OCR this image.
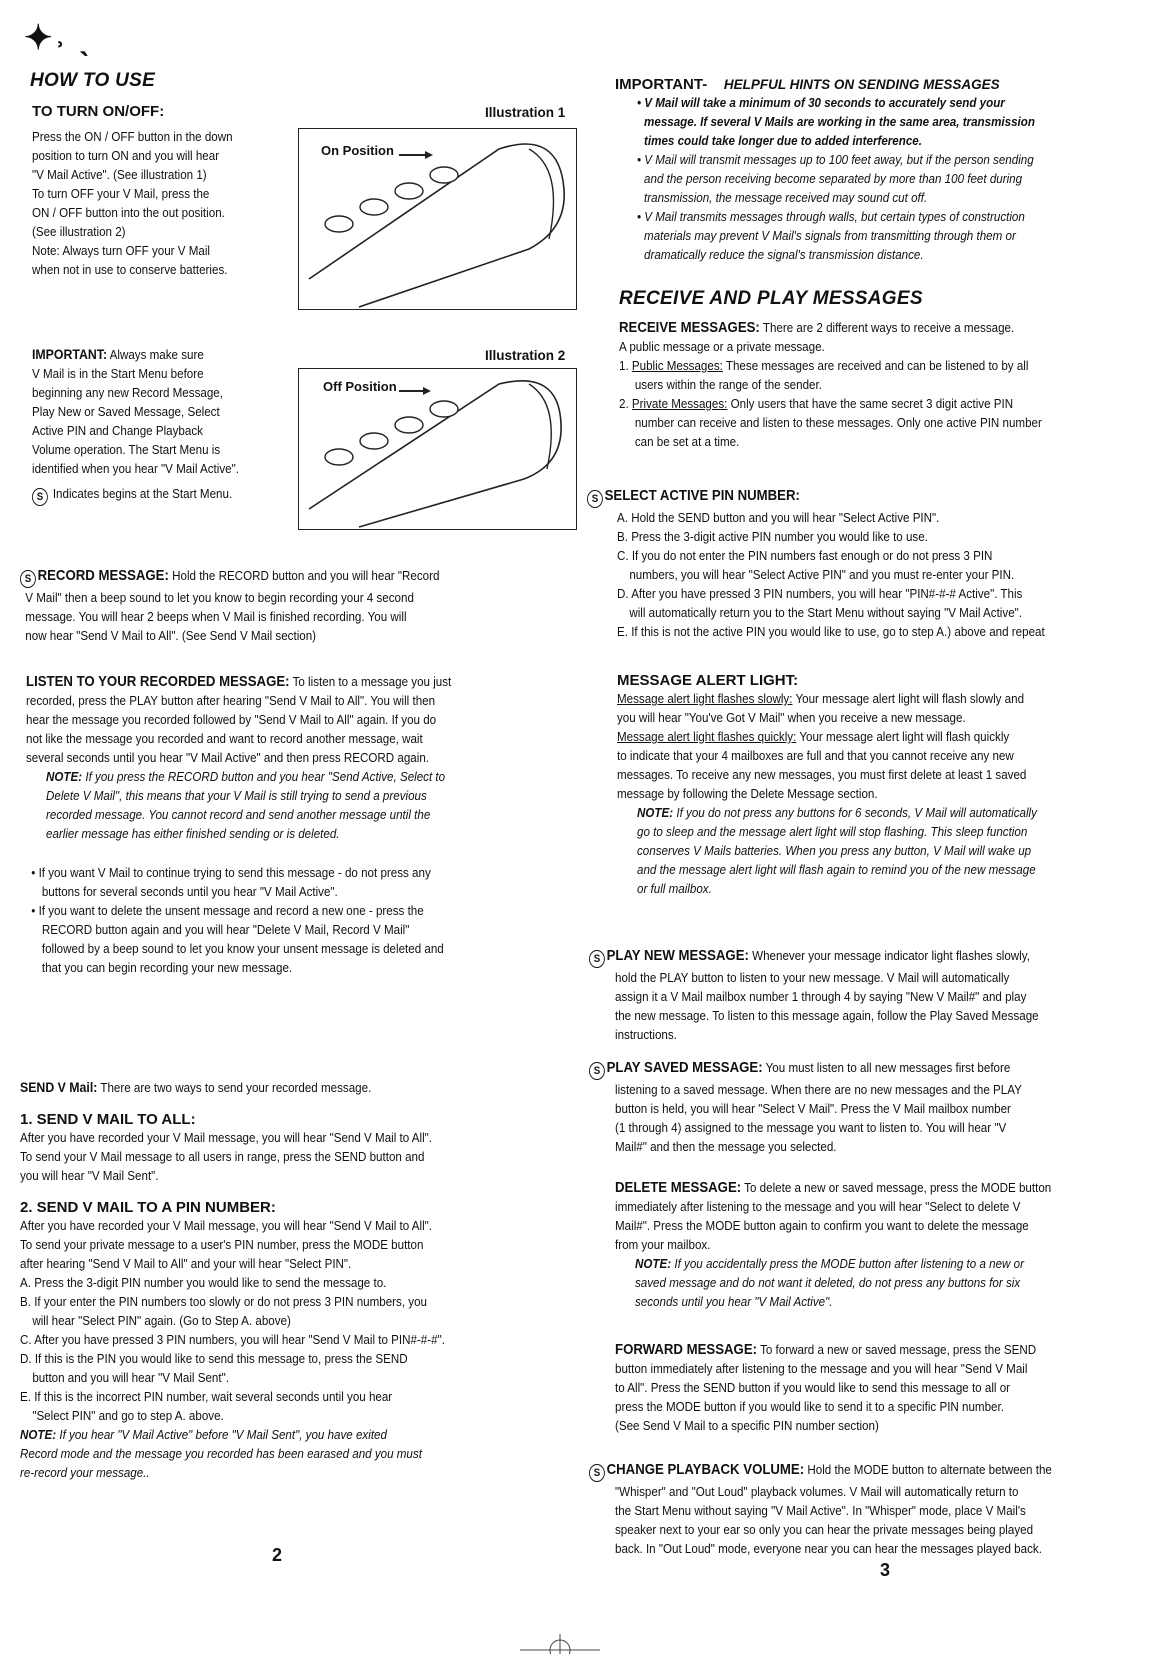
✦˒ ˎ
HOW TO USE
TO TURN ON/OFF:	Illustration 1

Press the ON / OFF button in the down

position to turn ON and you will hear

"V Mail Active". (See illustration 1)

To turn OFF your V Mail, press the

ON / OFF button into the out position.

(See illustration 2)

Note: Always turn OFF your V Mail

when not in use to conserve batteries.

On Position

IMPORTANT: Always make sure

V Mail is in the Start Menu before

beginning any new Record Message,

Play New or Saved Message, Select

Active PIN and Change Playback

Volume operation. The Start Menu is

identified when you hear "V Mail Active".

S Indicates begins at the Start Menu.

Illustration 2
Off Position

S RECORD MESSAGE: Hold the RECORD button and you will hear "Record

V Mail" then a beep sound to let you know to begin recording your 4 second

message. You will hear 2 beeps when V Mail is finished recording. You will

now hear "Send V Mail to All". (See Send V Mail section)

LISTEN TO YOUR RECORDED MESSAGE: To listen to a message you just

recorded, press the PLAY button after hearing "Send V Mail to All". You will then

hear the message you recorded followed by "Send V Mail to All" again. If you do

not like the message you recorded and want to record another message, wait

several seconds until you hear "V Mail Active" and then press RECORD again.

NOTE: If you press the RECORD button and you hear "Send Active, Select to

Delete V Mail", this means that your V Mail is still trying to send a previous

recorded message. You cannot record and send another message until the

earlier message has either finished sending or is deleted.

• If you want V Mail to continue trying to send this message - do not press any

buttons for several seconds until you hear "V Mail Active".

• If you want to delete the unsent message and record a new one - press the

RECORD button again and you will hear "Delete V Mail, Record V Mail"

followed by a beep sound to let you know your unsent message is deleted and

that you can begin recording your new message.

SEND V Mail: There are two ways to send your recorded message.

1. SEND V MAIL TO ALL:

After you have recorded your V Mail message, you will hear "Send V Mail to All".

To send your V Mail message to all users in range, press the SEND button and

you will hear "V Mail Sent".

2. SEND V MAIL TO A PIN NUMBER:

After you have recorded your V Mail message, you will hear "Send V Mail to All".

To send your private message to a user's PIN number, press the MODE button

after hearing "Send V Mail to All" and your will hear "Select PIN".

A. Press the 3-digit PIN number you would like to send the message to.

B. If your enter the PIN numbers too slowly or do not press 3 PIN numbers, you

will hear "Select PIN" again. (Go to Step A. above)

C. After you have pressed 3 PIN numbers, you will hear "Send V Mail to PIN#-#-#".

D. If this is the PIN you would like to send this message to, press the SEND

button and you will hear "V Mail Sent".

E. If this is the incorrect PIN number, wait several seconds until you hear

"Select PIN" and go to step A. above.

NOTE: If you hear "V Mail Active" before "V Mail Sent", you have exited

Record mode and the message you recorded has been earased and you must

re-record your message..

2
IMPORTANT- HELPFUL HINTS ON SENDING MESSAGES

• V Mail will take a minimum of 30 seconds to accurately send your

message. If several V Mails are working in the same area, transmission

times could take longer due to added interference.

• V Mail will transmit messages up to 100 feet away, but if the person sending

and the person receiving become separated by more than 100 feet during

transmission, the message received may sound cut off.

• V Mail transmits messages through walls, but certain types of construction

materials may prevent V Mail's signals from transmitting through them or

dramatically reduce the signal's transmission distance.

RECEIVE AND PLAY MESSAGES

RECEIVE MESSAGES: There are 2 different ways to receive a message.

A public message or a private message.

1. Public Messages: These messages are received and can be listened to by all

users within the range of the sender.

2. Private Messages: Only users that have the same secret 3 digit active PIN

number can receive and listen to these messages. Only one active PIN number

can be set at a time.

S SELECT ACTIVE PIN NUMBER:

A. Hold the SEND button and you will hear "Select Active PIN".

B. Press the 3-digit active PIN number you would like to use.

C. If you do not enter the PIN numbers fast enough or do not press 3 PIN

numbers, you will hear "Select Active PIN" and you must re-enter your PIN.

D. After you have pressed 3 PIN numbers, you will hear "PIN#-#-# Active". This

will automatically return you to the Start Menu without saying "V Mail Active".

E. If this is not the active PIN you would like to use, go to step A.) above and repeat

MESSAGE ALERT LIGHT:

Message alert light flashes slowly: Your message alert light will flash slowly and

you will hear "You've Got V Mail" when you receive a new message.

Message alert light flashes quickly: Your message alert light will flash quickly

to indicate that your 4 mailboxes are full and that you cannot receive any new

messages. To receive any new messages, you must first delete at least 1 saved

message by following the Delete Message section.

NOTE: If you do not press any buttons for 6 seconds, V Mail will automatically

go to sleep and the message alert light will stop flashing. This sleep function

conserves V Mails batteries. When you press any button, V Mail will wake up

and the message alert light will flash again to remind you of the new message

or full mailbox.

S PLAY NEW MESSAGE: Whenever your message indicator light flashes slowly,

hold the PLAY button to listen to your new message. V Mail will automatically

assign it a V Mail mailbox number 1 through 4 by saying "New V Mail#" and play

the new message. To listen to this message again, follow the Play Saved Message

instructions.

S PLAY SAVED MESSAGE: You must listen to all new messages first before

listening to a saved message. When there are no new messages and the PLAY

button is held, you will hear "Select V Mail". Press the V Mail mailbox number

(1 through 4) assigned to the message you want to listen to. You will hear "V

Mail#" and then the message you selected.

DELETE MESSAGE: To delete a new or saved message, press the MODE button

immediately after listening to the message and you will hear "Select to delete V

Mail#". Press the MODE button again to confirm you want to delete the message

from your mailbox.

NOTE: If you accidentally press the MODE button after listening to a new or

saved message and do not want it deleted, do not press any buttons for six

seconds until you hear "V Mail Active".

FORWARD MESSAGE: To forward a new or saved message, press the SEND

button immediately after listening to the message and you will hear "Send V Mail

to All". Press the SEND button if you would like to send this message to all or

press the MODE button if you would like to send it to a specific PIN number.

(See Send V Mail to a specific PIN number section)

S CHANGE PLAYBACK VOLUME: Hold the MODE button to alternate between the

"Whisper" and "Out Loud" playback volumes. V Mail will automatically return to

the Start Menu without saying "V Mail Active". In "Whisper" mode, place V Mail's

speaker next to your ear so only you can hear the private messages being played

back. In "Out Loud" mode, everyone near you can hear the messages played back.

3
